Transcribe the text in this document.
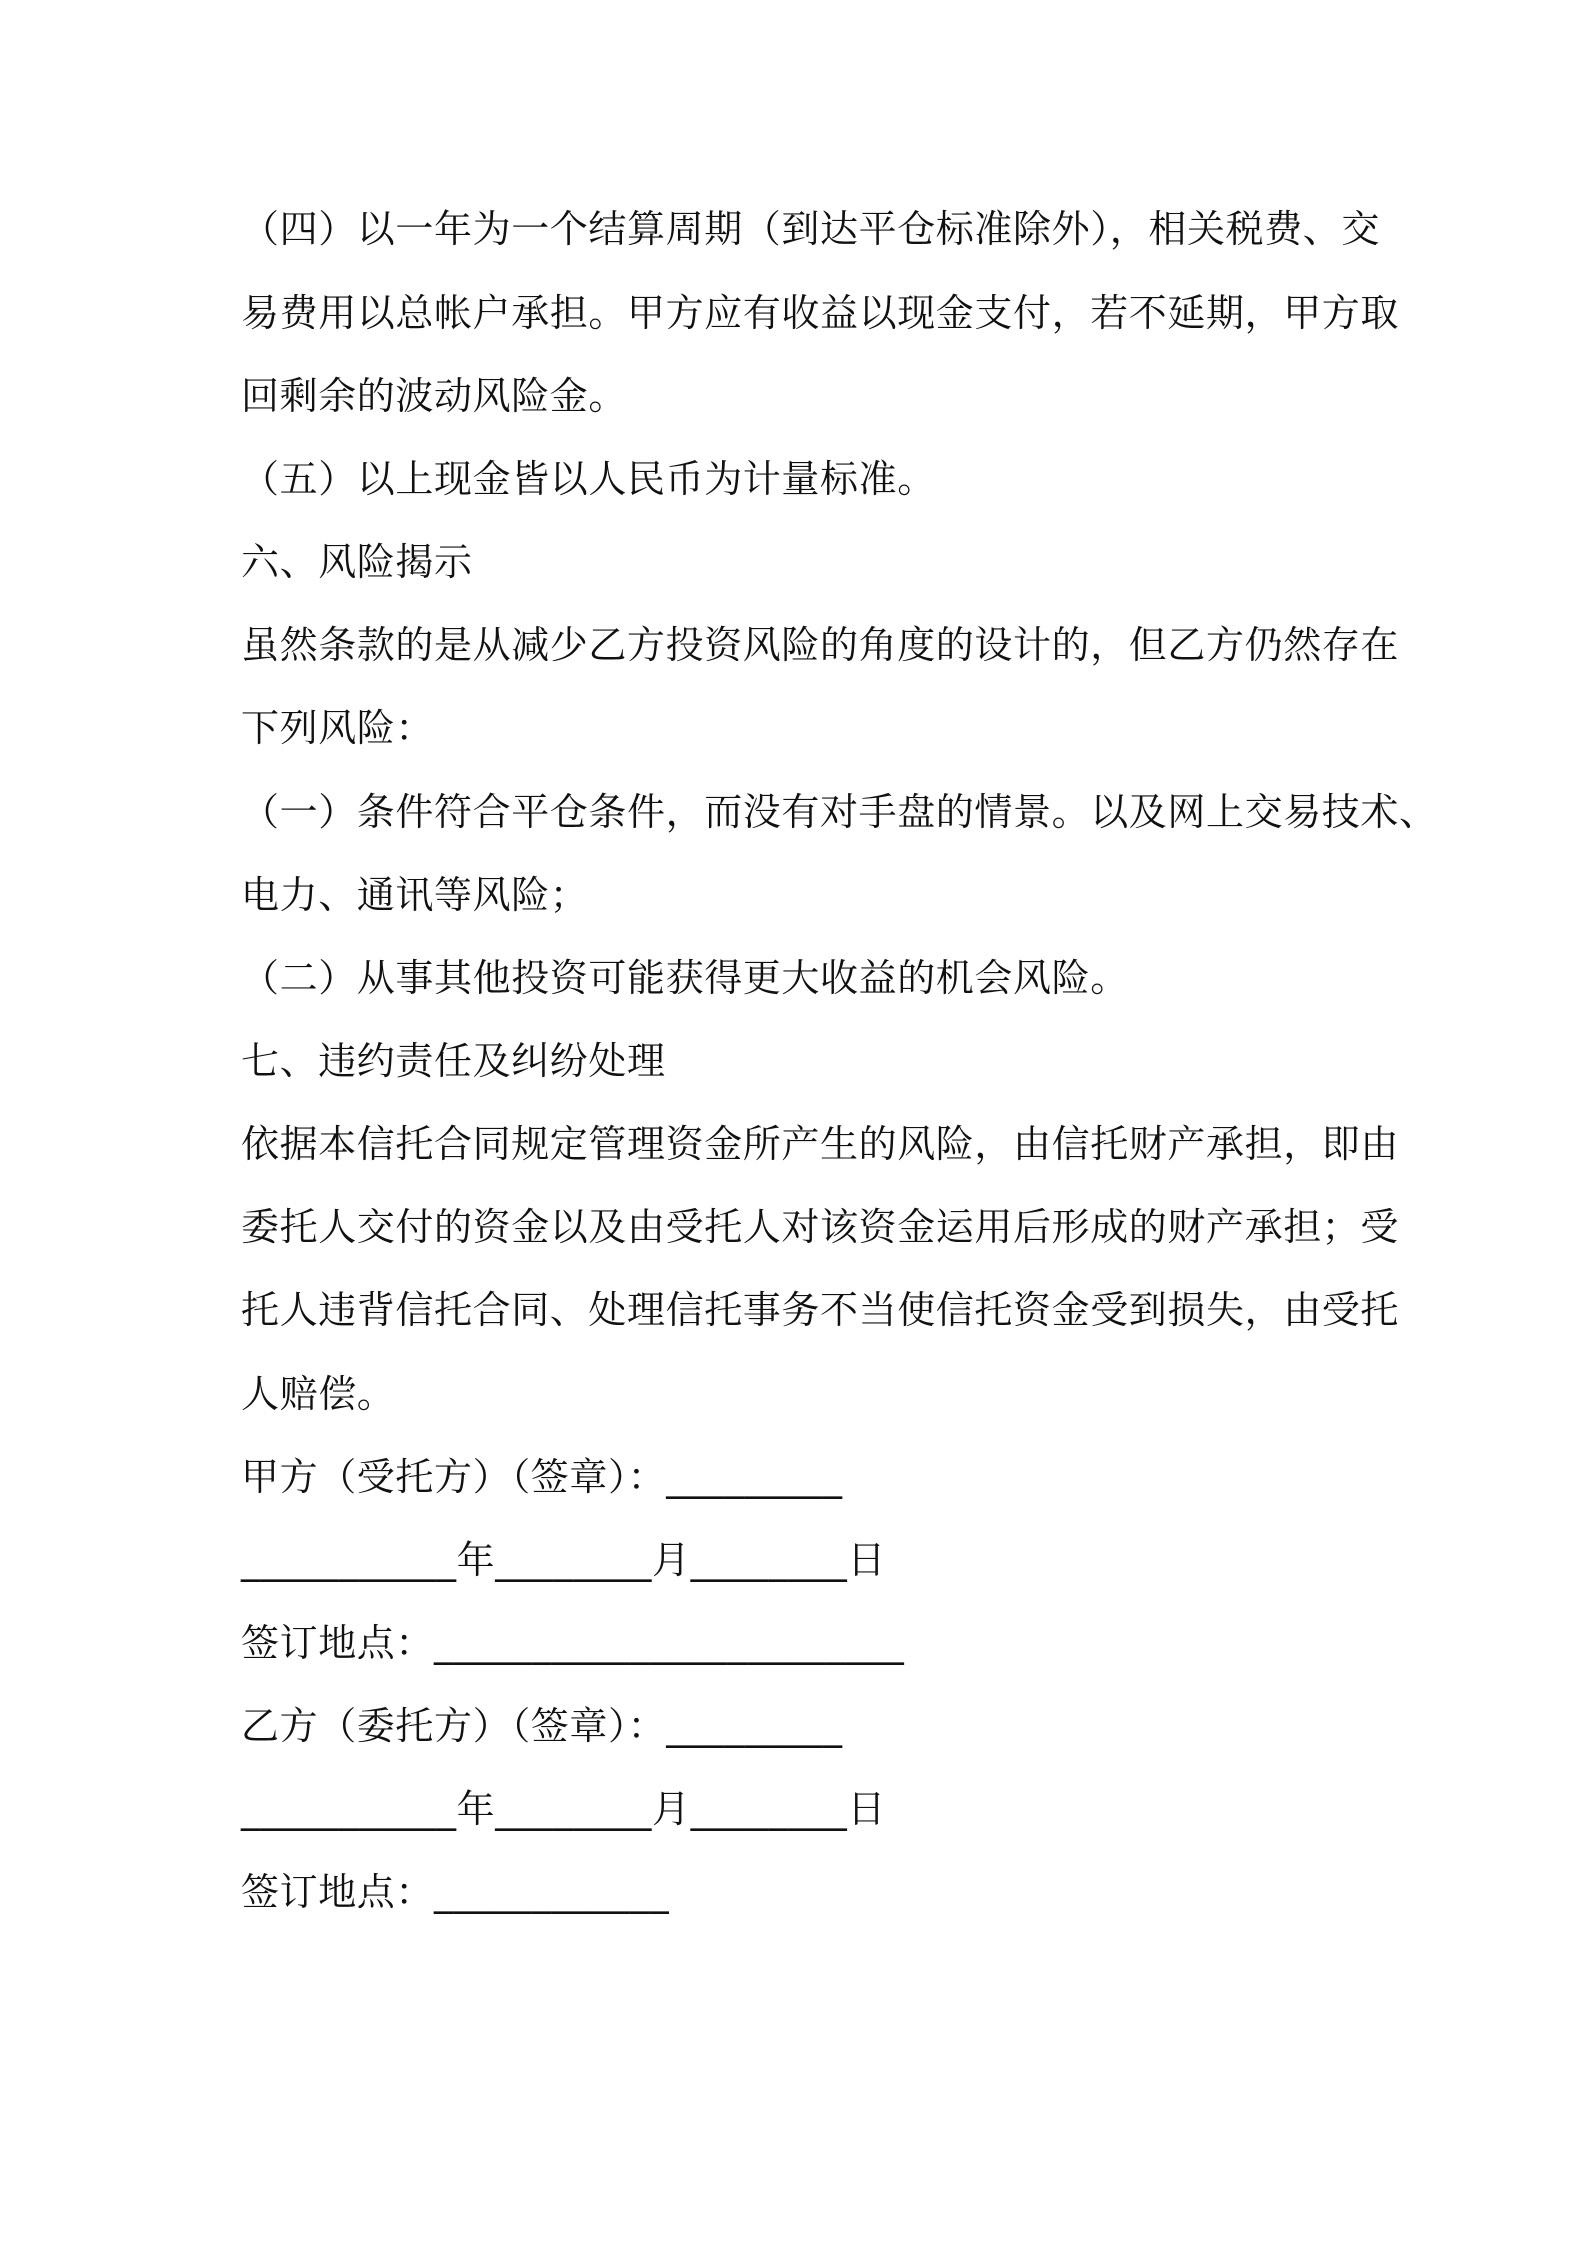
（四）以一年为一个结算周期（到达平仓标准除外），相关税费、交
易费用以总帐户承担。甲方应有收益以现金支付，若不延期，甲方取
回剩余的波动风险金。
（五）以上现金皆以人民币为计量标准。
六、风险揭示
虽然条款的是从减少乙方投资风险的角度的设计的，但乙方仍然存在
下列风险：
（一）条件符合平仓条件，而没有对手盘的情景。以及网上交易技术、
电力、通讯等风险；
（二）从事其他投资可能获得更大收益的机会风险。
七、违约责任及纠纷处理
依据本信托合同规定管理资金所产生的风险，由信托财产承担，即由
委托人交付的资金以及由受托人对该资金运用后形成的财产承担；受
托人违背信托合同、处理信托事务不当使信托资金受到损失，由受托
人赔偿。
甲方（受托方）（签章）：_________
___________年________月________日
签订地点：________________________
乙方（委托方）（签章）：_________
___________年________月________日
签订地点：____________
